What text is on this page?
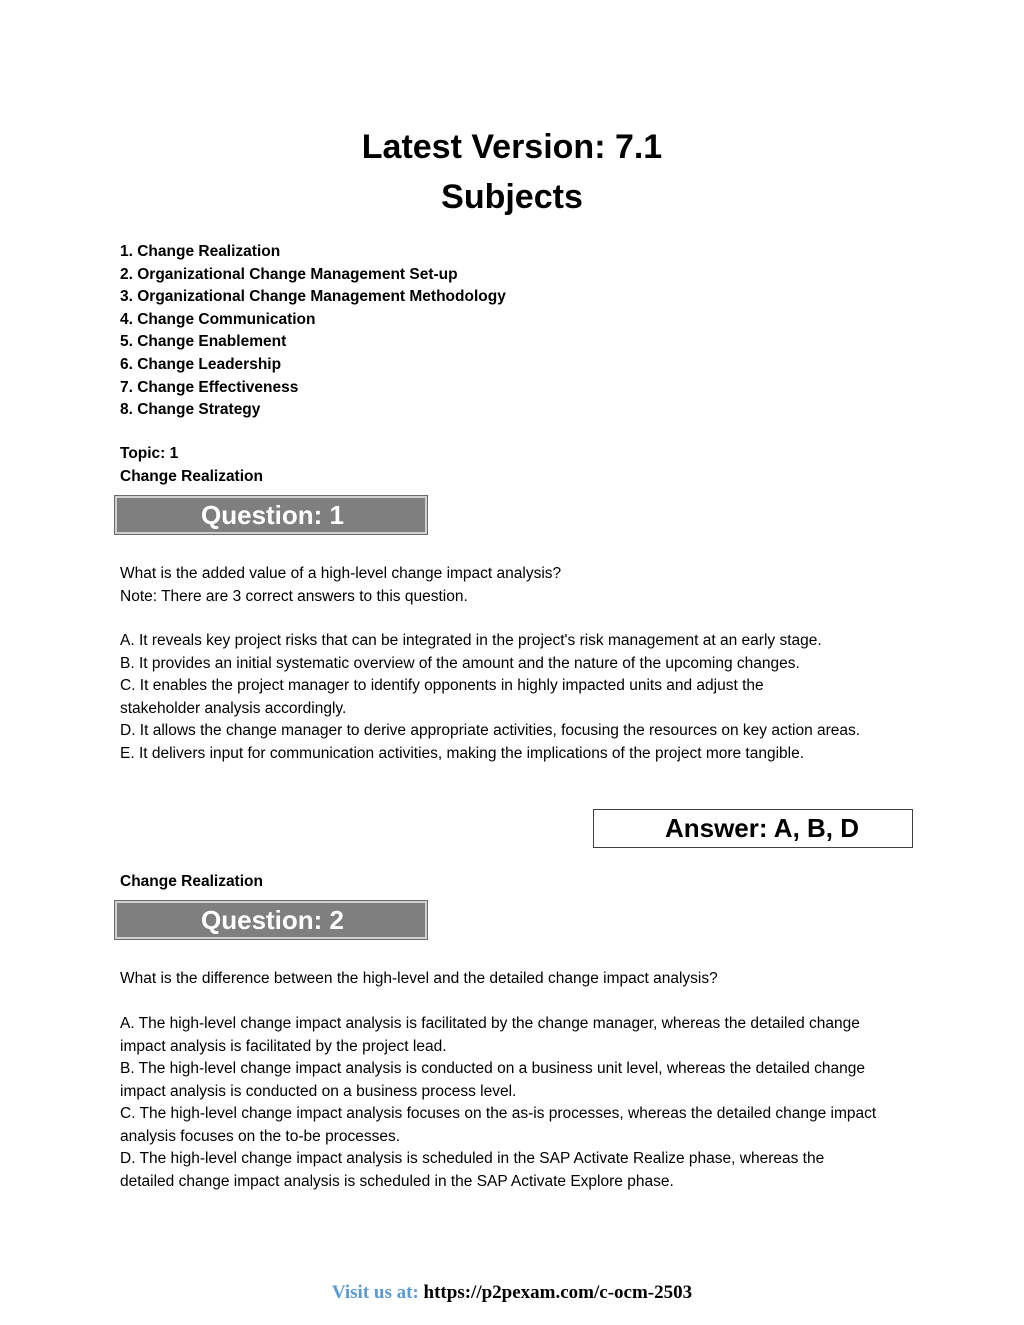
Latest Version: 7.1
Subjects
1. Change Realization
2. Organizational Change Management Set-up
3. Organizational Change Management Methodology
4. Change Communication
5. Change Enablement
6. Change Leadership
7. Change Effectiveness
8. Change Strategy

Topic: 1

Change Realization

Question: 1

What is the added value of a high-level change impact analysis?

Note: There are 3 correct answers to this question.

A. It reveals key project risks that can be integrated in the project's risk management at an early stage.

B. It provides an initial systematic overview of the amount and the nature of the upcoming changes.

C. It enables the project manager to identify opponents in highly impacted units and adjust the stakeholder analysis accordingly.

D. It allows the change manager to derive appropriate activities, focusing the resources on key action areas.

E. It delivers input for communication activities, making the implications of the project more tangible.

Answer: A, B, D

Change Realization

Question: 2

What is the difference between the high-level and the detailed change impact analysis?

A. The high-level change impact analysis is facilitated by the change manager, whereas the detailed change impact analysis is facilitated by the project lead.

B. The high-level change impact analysis is conducted on a business unit level, whereas the detailed change impact analysis is conducted on a business process level.

C. The high-level change impact analysis focuses on the as-is processes, whereas the detailed change impact analysis focuses on the to-be processes.

D. The high-level change impact analysis is scheduled in the SAP Activate Realize phase, whereas the detailed change impact analysis is scheduled in the SAP Activate Explore phase.

Visit us at: https://p2pexam.com/c-ocm-2503
